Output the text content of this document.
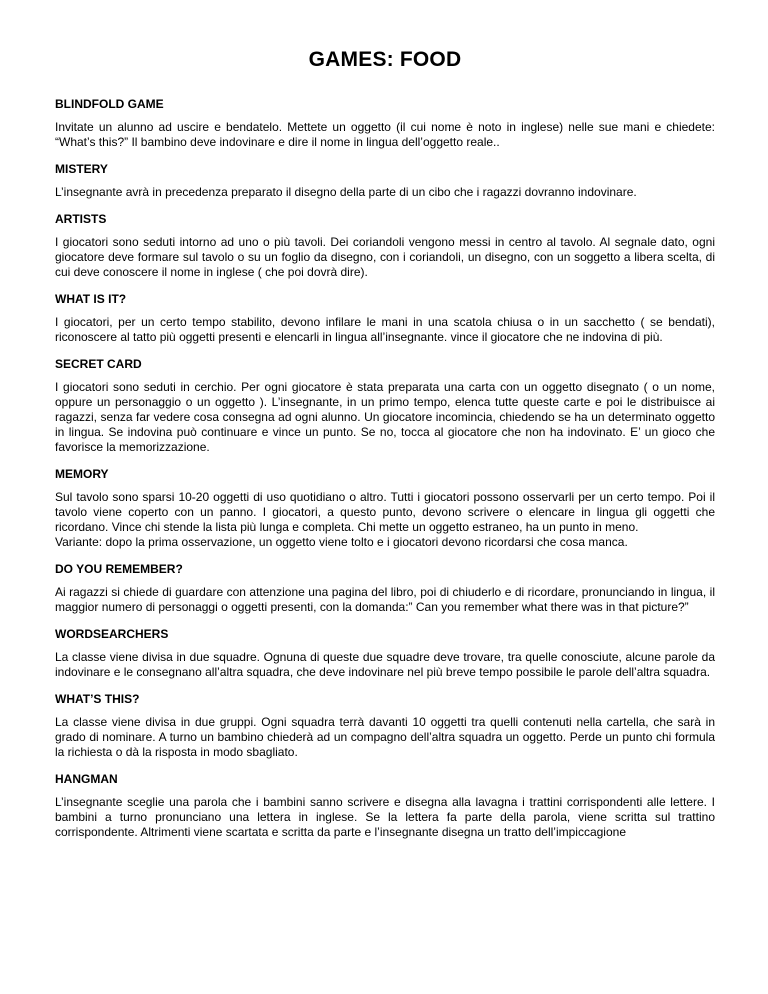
GAMES: FOOD
BLINDFOLD GAME
Invitate un alunno ad uscire e bendatelo. Mettete un oggetto (il cui nome è noto in inglese) nelle sue mani e chiedete: “What’s this?” Il bambino deve indovinare e dire il nome in lingua dell’oggetto reale..
MISTERY
L’insegnante avrà in precedenza preparato il disegno della parte di un cibo che i ragazzi dovranno indovinare.
ARTISTS
I giocatori sono seduti intorno ad uno o più tavoli. Dei coriandoli vengono messi in centro al tavolo. Al segnale dato, ogni giocatore deve formare sul tavolo o su un foglio da disegno, con i coriandoli, un disegno, con un soggetto a libera scelta, di cui deve conoscere il nome in inglese ( che poi dovrà dire).
WHAT IS IT?
I giocatori, per un certo tempo stabilito, devono infilare le mani in una scatola chiusa o in un sacchetto ( se bendati), riconoscere al tatto più oggetti presenti e elencarli in lingua all’insegnante. vince il giocatore che ne indovina di più.
SECRET CARD
I giocatori sono seduti in cerchio. Per ogni giocatore è stata preparata una carta con un oggetto disegnato ( o un nome, oppure un personaggio o un oggetto ). L’insegnante, in un primo tempo, elenca tutte queste carte e poi le distribuisce ai ragazzi, senza far vedere cosa consegna ad ogni alunno. Un giocatore incomincia, chiedendo se ha un determinato oggetto in lingua. Se indovina può continuare e vince un punto. Se no, tocca al giocatore che non ha indovinato. E’ un gioco che favorisce la memorizzazione.
MEMORY
Sul tavolo sono sparsi 10-20 oggetti di uso quotidiano o altro. Tutti i giocatori possono osservarli per un certo tempo. Poi il tavolo viene coperto con un panno. I giocatori, a questo punto, devono scrivere o elencare in lingua gli oggetti che ricordano. Vince chi stende la lista più lunga e completa. Chi mette un oggetto estraneo, ha un punto in meno.
Variante: dopo la prima osservazione, un oggetto viene tolto e i giocatori devono ricordarsi che cosa manca.
DO YOU REMEMBER?
Ai ragazzi si chiede di guardare con attenzione una pagina del libro, poi di chiuderlo e di ricordare, pronunciando in lingua, il maggior numero di personaggi o oggetti presenti, con la domanda:” Can you remember what there was in that picture?”
WORDSEARCHERS
La classe viene divisa in due squadre. Ognuna di queste due squadre deve trovare, tra quelle conosciute, alcune parole da indovinare e le consegnano all’altra squadra, che deve indovinare nel più breve tempo possibile le parole dell’altra squadra.
WHAT’S THIS?
La classe viene divisa in due gruppi. Ogni squadra terrà davanti 10 oggetti tra quelli contenuti nella cartella, che sarà in grado di nominare. A turno un bambino chiederà ad un compagno dell’altra squadra un oggetto. Perde un punto chi formula la richiesta o dà la risposta in modo sbagliato.
HANGMAN
L’insegnante sceglie una parola che i bambini sanno scrivere e disegna alla lavagna i trattini corrispondenti alle lettere. I bambini a turno pronunciano una lettera in inglese. Se la lettera fa parte della parola, viene scritta sul trattino corrispondente. Altrimenti viene scartata e scritta da parte e l’insegnante disegna un tratto dell’impiccagione
